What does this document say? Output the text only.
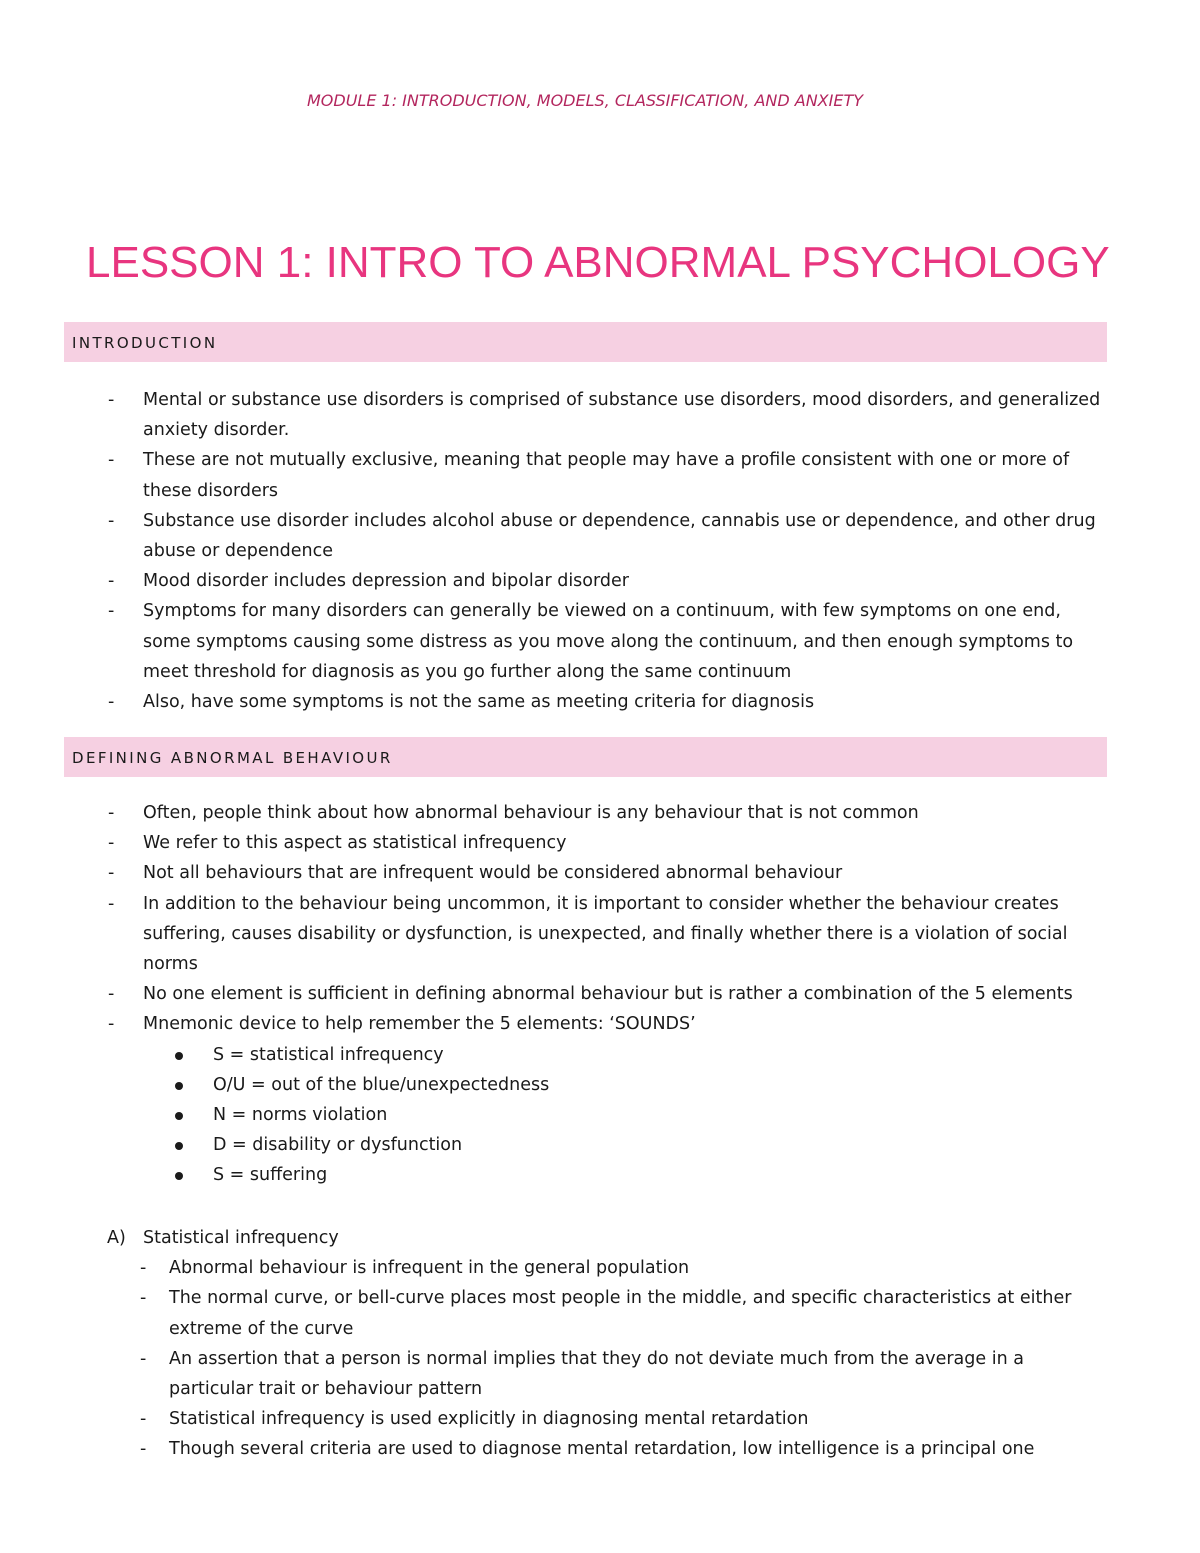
MODULE 1: INTRODUCTION, MODELS, CLASSIFICATION, AND ANXIETY
LESSON 1: INTRO TO ABNORMAL PSYCHOLOGY
INTRODUCTION
- Mental or substance use disorders is comprised of substance use disorders, mood disorders, and generalized anxiety disorder.
- These are not mutually exclusive, meaning that people may have a profile consistent with one or more of these disorders
- Substance use disorder includes alcohol abuse or dependence, cannabis use or dependence, and other drug abuse or dependence
- Mood disorder includes depression and bipolar disorder
- Symptoms for many disorders can generally be viewed on a continuum, with few symptoms on one end, some symptoms causing some distress as you move along the continuum, and then enough symptoms to meet threshold for diagnosis as you go further along the same continuum
- Also, have some symptoms is not the same as meeting criteria for diagnosis
DEFINING ABNORMAL BEHAVIOUR
- Often, people think about how abnormal behaviour is any behaviour that is not common
- We refer to this aspect as statistical infrequency
- Not all behaviours that are infrequent would be considered abnormal behaviour
- In addition to the behaviour being uncommon, it is important to consider whether the behaviour creates suffering, causes disability or dysfunction, is unexpected, and finally whether there is a violation of social norms
- No one element is sufficient in defining abnormal behaviour but is rather a combination of the 5 elements
- Mnemonic device to help remember the 5 elements: ‘SOUNDS’
S = statistical infrequency
O/U = out of the blue/unexpectedness
N = norms violation
D = disability or dysfunction
S = suffering
A) Statistical infrequency
- Abnormal behaviour is infrequent in the general population
- The normal curve, or bell-curve places most people in the middle, and specific characteristics at either extreme of the curve
- An assertion that a person is normal implies that they do not deviate much from the average in a particular trait or behaviour pattern
- Statistical infrequency is used explicitly in diagnosing mental retardation
- Though several criteria are used to diagnose mental retardation, low intelligence is a principal one
